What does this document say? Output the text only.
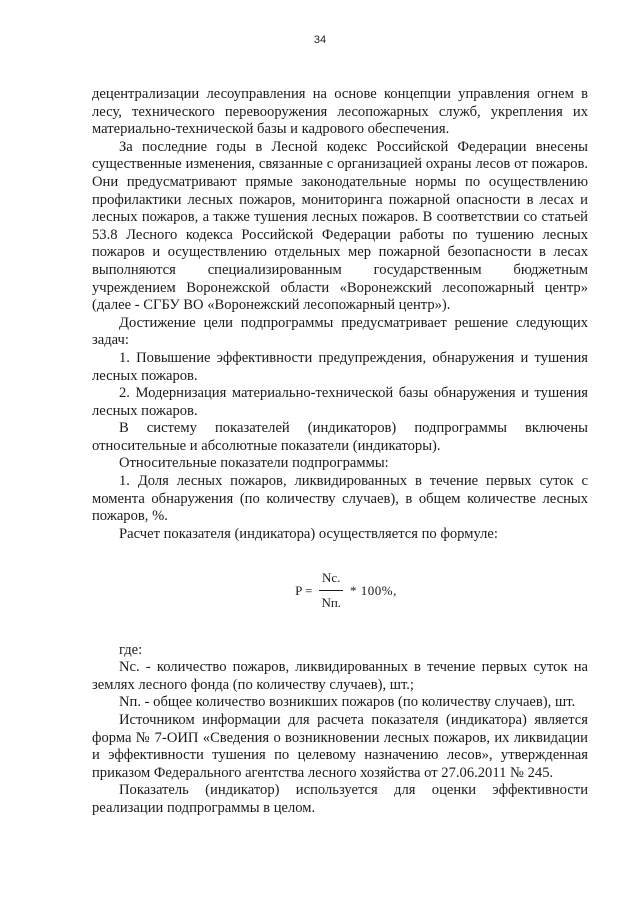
34

децентрализации лесоуправления на основе концепции управления огнем в лесу, технического перевооружения лесопожарных служб, укрепления их материально-технической базы и кадрового обеспечения.

За последние годы в Лесной кодекс Российской Федерации внесены существенные изменения, связанные с организацией охраны лесов от пожаров. Они предусматривают прямые законодательные нормы по осуществлению профилактики лесных пожаров, мониторинга пожарной опасности в лесах и лесных пожаров, а также тушения лесных пожаров. В соответствии со статьей 53.8 Лесного кодекса Российской Федерации работы по тушению лесных пожаров и осуществлению отдельных мер пожарной безопасности в лесах выполняются специализированным государственным бюджетным учреждением Воронежской области «Воронежский лесопожарный центр» (далее - СГБУ ВО «Воронежский лесопожарный центр»).

Достижение цели подпрограммы предусматривает решение следующих задач:

1. Повышение эффективности предупреждения, обнаружения и тушения лесных пожаров.

2. Модернизация материально-технической базы обнаружения и тушения лесных пожаров.

В систему показателей (индикаторов) подпрограммы включены относительные и абсолютные показатели (индикаторы).

Относительные показатели подпрограммы:

1. Доля лесных пожаров, ликвидированных в течение первых суток с момента обнаружения (по количеству случаев), в общем количестве лесных пожаров, %.

Расчет показателя (индикатора) осуществляется по формуле:

$P = \frac{Nс.}{Nп.} * 100\%$,

где:

Nс. - количество пожаров, ликвидированных в течение первых суток на землях лесного фонда (по количеству случаев), шт.;

Nп. - общее количество возникших пожаров (по количеству случаев), шт.

Источником информации для расчета показателя (индикатора) является форма № 7-ОИП «Сведения о возникновении лесных пожаров, их ликвидации и эффективности тушения по целевому назначению лесов», утвержденная приказом Федерального агентства лесного хозяйства от 27.06.2011 № 245.

Показатель (индикатор) используется для оценки эффективности реализации подпрограммы в целом.
